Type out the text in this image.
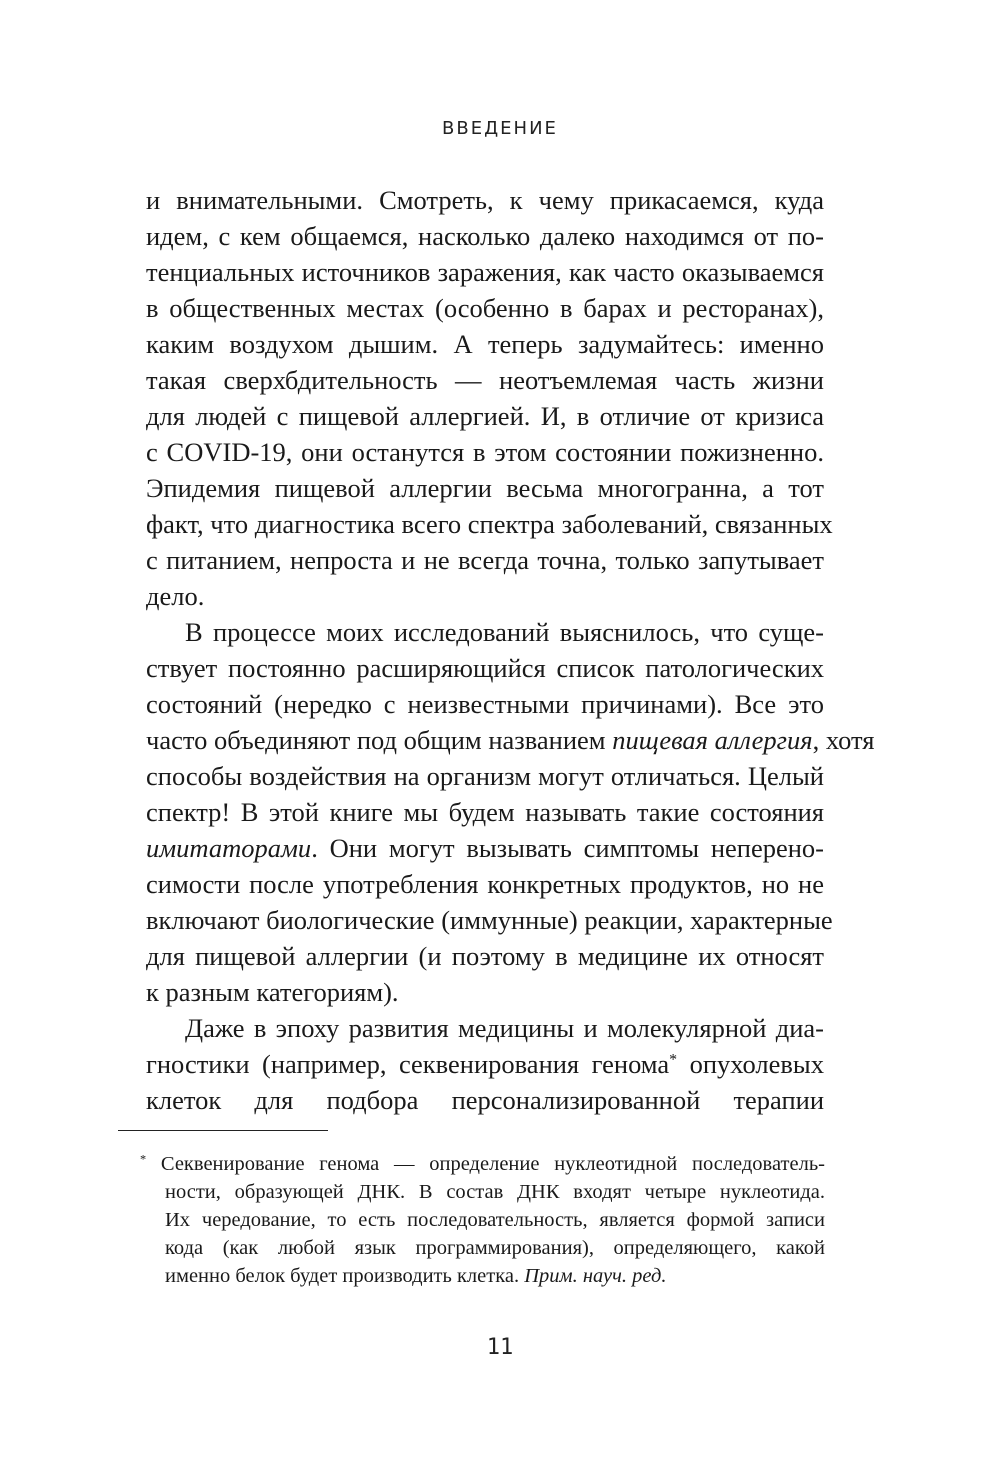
ВВЕДЕНИЕ
и внимательными. Смотреть, к чему прикасаемся, куда
идем, с кем общаемся, насколько далеко находимся от по-
тенциальных источников заражения, как часто оказываемся
в общественных местах (особенно в барах и ресторанах),
каким воздухом дышим. А теперь задумайтесь: именно
такая сверхбдительность — неотъемлемая часть жизни
для людей с пищевой аллергией. И, в отличие от кризиса
с COVID-19, они останутся в этом состоянии пожизненно.
Эпидемия пищевой аллергии весьма многогранна, а тот
факт, что диагностика всего спектра заболеваний, связанных
с питанием, непроста и не всегда точна, только запутывает
дело.
В процессе моих исследований выяснилось, что суще-
ствует постоянно расширяющийся список патологических
состояний (нередко с неизвестными причинами). Все это
часто объединяют под общим названием пищевая аллергия, хотя
способы воздействия на организм могут отличаться. Целый
спектр! В этой книге мы будем называть такие состояния
имитаторами. Они могут вызывать симптомы неперено-
симости после употребления конкретных продуктов, но не
включают биологические (иммунные) реакции, характерные
для пищевой аллергии (и поэтому в медицине их относят
к разным категориям).
Даже в эпоху развития медицины и молекулярной диа-
гностики (например, секвенирования генома* опухолевых
клеток для подбора персонализированной терапии
* Секвенирование генома — определение нуклеотидной последователь-
ности, образующей ДНК. В состав ДНК входят четыре нуклеотида.
Их чередование, то есть последовательность, является формой записи
кода (как любой язык программирования), определяющего, какой
именно белок будет производить клетка. Прим. науч. ред.
11
